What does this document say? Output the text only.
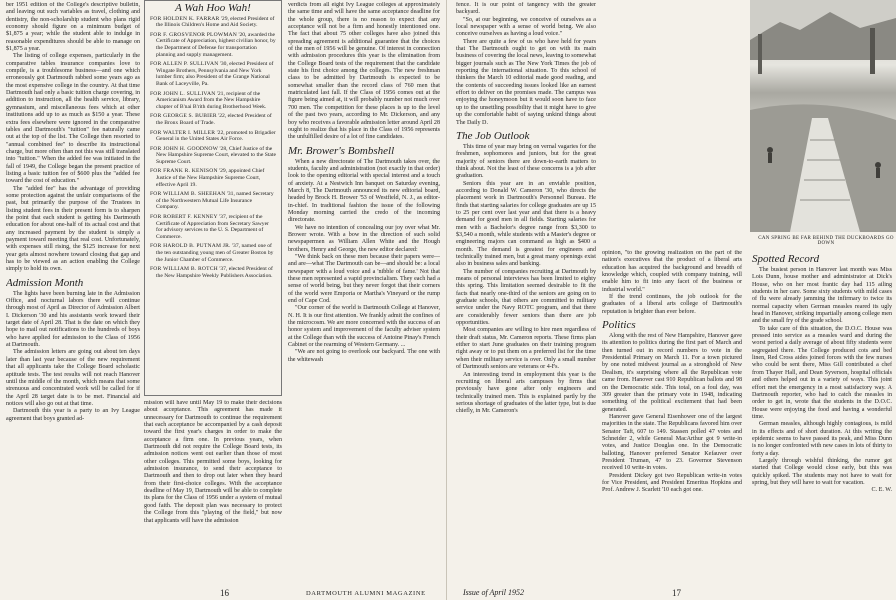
ber 1951 edition of the College's descriptive bulletin, and leaving out such variables as travel, clothing and dentistry, the non-scholarship student who plans rigid economy should figure on a minimum budget of $1,875 a year; while the student able to indulge in reasonable expenditures should be able to manage on $1,875 a year.

The listing of college expenses, particularly in the comparative tables insurance companies love to compile, is a troublesome business—and one which erroneously got Dartmouth rabbed some years ago as the most expensive college in the country. At that time Dartmouth had only a basic tuition charge covering, in addition to instruction, all the health service, library, gymnasium, and miscellaneous fees which at other institutions add up to as much as $150 a year. These extra fees elsewhere were ignored in the comparative tables and Dartmouth's "tuition" fee naturally came out at the top of the list. The College then resorted to "annual combined fee" to describe its instructional charge, but more often than not this was still translated into "tuition." When the added fee was initiated in the fall of 1949, the College began the present practice of listing a basic tuition fee of $600 plus the "added fee toward the cost of education."

The "added fee" has the advantage of providing some protection against the unfair comparisons of the past, but primarily the purpose of the Trustees in listing student fees in their present form is to sharpen the point that each student is getting his Dartmouth education for about one-half of its actual cost and that any increased payment by the student is simply a payment toward meeting that real cost. Unfortunately, with expenses still rising, the $125 increase for next year gets almost nowhere toward closing that gap and has to be viewed as an action enabling the College simply to hold its own.

Admission Month

The lights have been burning late in the Admission Office, and nocturnal labors there will continue through most of April as Director of Admission Albert I. Dickerson '30 and his assistants work toward their target date of April 28. That is the date on which they hope to mail out notifications to the hundreds of boys who have applied for admission to the Class of 1956 at Dartmouth.

The admission letters are going out about ten days later than last year because of the new requirement that all applicants take the College Board scholastic aptitude tests. The test results will not reach Hanover until the middle of the month, which means that some strenuous and concentrated work will be called for if the April 28 target date is to be met. Financial aid notices will also go out at that time.

Dartmouth this year is a party to an Ivy League agreement that boys granted ad-

A Wah Hoo Wah!
FOR HOLDEN K. FARRAR '29, elected President of the Illinois Children's Home and Aid Society.
FOR F. GROSVENOR PLOWMAN '20, awarded the Certificate of Appreciation, highest civilian honor, by the Department of Defense for transportation planning and supply management.
FOR ALLEN P. SULLIVAN '30, elected President of Wingate Brothers, Pennsylvania and New York lumber firm; also President of the Grange National Bank of Laceyville, Pa.
FOR JOHN L. SULLIVAN '21, recipient of the Americanism Award from the New Hampshire chapter of B'nai B'rith during Brotherhood Week.
FOR GEORGE S. BUBIER '22, elected President of the Bronx Board of Trade.
FOR WALTER I. MILLER '22, promoted to Brigadier General in the United States Air Force.
FOR JOHN H. GOODNOW '28, Chief Justice of the New Hampshire Supreme Court, elevated to the State Supreme Court.
FOR FRANK R. KENISON '29, appointed Chief Justice of the New Hampshire Supreme Court, effective April 19.
FOR WILLIAM B. SHEEHAN '31, named Secretary of the Northwestern Mutual Life Insurance Company.
FOR ROBERT F. KENNEY '37, recipient of the Certificate of Appreciation from Secretary Sawyer for advisory services to the U. S. Department of Commerce.
FOR HAROLD B. PUTNAM JR. '37, named one of the ten outstanding young men of Greater Boston by the Junior Chamber of Commerce.
FOR WILLIAM B. ROTCH '37, elected President of the New Hampshire Weekly Publishers Association.

mission will have until May 19 to make their decisions about acceptance. This agreement has made it unnecessary for Dartmouth to continue the requirement that each acceptance be accompanied by a cash deposit toward the first year's charges in order to make the acceptance a firm one. In previous years, when Dartmouth did not require the College Board tests, its admission notices went out earlier than those of most other colleges. This permitted some boys, looking for admission insurance, to send their acceptance to Dartmouth and then to drop out later when they heard from their first-choice colleges. With the acceptance deadline of May 19, Dartmouth will be able to complete its plans for the Class of 1956 under a system of mutual good faith. The deposit plan was necessary to protect the College from this "playing of the field," but now that applicants will have the admission

verdicts from all eight Ivy League colleges at approximately the same time and will have the same acceptance deadline for the whole group, there is no reason to expect that any acceptance will not be a firm and honestly intentioned one. The fact that about 75 other colleges have also joined this spreading agreement is additional guarantee that the choices of the men of 1956 will be genuine. Of interest in connection with admission procedures this year is the elimination from the College Board tests of the requirement that the candidate state his first choice among the colleges. The new freshman class to be admitted by Dartmouth is expected to be somewhat smaller than the record class of 760 men that matriculated last fall. If the Class of 1956 comes out at the figure being aimed at, it will probably number not much over 700 men. The competition for these places is up to the level of the past two years, according to Mr. Dickerson, and any boy who receives a favorable admission letter around April 28 ought to realize that his place in the Class of 1956 represents the unfulfilled desire of a lot of fine candidates.

Mr. Brower's Bombshell

When a new directorate of The Dartmouth takes over, the students, faculty and administration (not exactly in that order) look to the opening editorial with special interest and a touch of anxiety. At a Nestwich Inn banquet on Saturday evening, March 8, The Dartmouth announced its new editorial board, headed by Brock H. Brower '53 of Westfield, N. J., as editor-in-chief. In traditional fashion the issue of the following Monday morning carried the credo of the incoming directorate.

We have no intention of concealing our joy over what Mr. Brower wrote. With a bow in the direction of such solid newspapermen as William Allen White and the Hough brothers, Henry and George, the new editor declared:

"We think back on these men because their papers were—and are—what The Dartmouth can be—and should be: a local newspaper with a loud voice and a 'nibble of fame.' Not that these men represented a vapid provincialism. They each had a sense of world being, but they never forgot that their corners of the world were Emporia or Martha's Vineyard or the rump end of Cape Cod.

"Our corner of the world is Dartmouth College at Hanover, N. H. It is our first attention. We frankly admit the confines of the microcosm. We are more concerned with the success of an honor system and improvement of the faculty adviser system at the College than with the success of Antoine Pinay's French Cabinet or the rearming of Western Germany. ...

"We are not going to overlook our backyard. The one with the whitewash

16	DARTMOUTH ALUMNI MAGAZINE

fence. It is our point of tangency with the greater backyard.

"So, at our beginning, we conceive of ourselves as a local newspaper with a sense of world being. We also conceive ourselves as having a loud voice."

There are quite a few of us who have held for years that The Dartmouth ought to get on with its main business of covering the local news, leaving to somewhat bigger journals such as The New York Times the job of reporting the international situation. To this school of thinkers the March 10 editorial made good reading, and the contents of succeeding issues looked like an earnest effort to deliver on the promises made. The campus was enjoying the honeymoon but it would soon have to face up to the unsettling possibility that it might have to give up the comfortable habit of saying unkind things about The Daily D.

The Job Outlook

This time of year may bring on vernal vagaries for the freshmen, sophomores and juniors, but for the great majority of seniors there are down-to-earth matters to think about. Not the least of these concerns is a job after graduation.

Seniors this year are in an enviable position, according to Donald W. Cameron '30, who directs the placement work in Dartmouth's Personnel Bureau. He finds that starting salaries for college graduates are up 15 to 25 per cent over last year and that there is a heavy demand for good men in all fields. Starting salaries for men with a Bachelor's degree range from $3,300 to $3,540 a month, while students with a Master's degree or engineering majors can command as high as $400 a month. The demand is greatest for engineers and technically trained men, but a great many openings exist also in business sales and banking.

The number of companies recruiting at Dartmouth by means of personal interviews has been limited to eighty this spring. This limitation seemed desirable to fit the facts that nearly one-third of the seniors are going on to graduate schools, that others are committed to military service under the Navy ROTC program, and that there are considerably fewer seniors than there are job opportunities.

Most companies are willing to hire men regardless of their draft status, Mr. Cameron reports. These firms plan either to start June graduates on their training program right away or to put them on a preferred list for the time when their military service is over. Only a small number of Dartmouth seniors are veterans or 4-Fs.

An interesting trend in employment this year is the recruiting on liberal arts campuses by firms that previously have gone after only engineers and technically trained men. This is explained partly by the serious shortage of graduates of the latter type, but is due chiefly, in Mr. Cameron's

opinion, "to the growing realization on the part of the nation's executives that the product of a liberal arts education has acquired the background and breadth of knowledge which, coupled with company training, will enable him to fit into any facet of the business or industrial world."

If the trend continues, the job outlook for the graduates of a liberal arts college of Dartmouth's reputation is brighter than ever before.

Politics

Along with the rest of New Hampshire, Hanover gave its attention to politics during the first part of March and then turned out in record numbers to vote in the Presidential Primary on March 11. For a town pictured by one noted midwest journal as a stronghold of New Dealism, it's surprising where all the Republican vote came from. Hanover cast 910 Republican ballots and 98 on the Democratic side. This total, on a foul day, was 309 greater than the primary vote in 1948, indicating something of the political excitement that had been generated.

Hanover gave General Eisenhower one of the largest majorities in the state. The Republicans favored him over Senator Taft, 607 to 149. Stassen polled 47 votes and Schneider 2, while General MacArthur got 9 write-in votes, and Justice Douglas one. In the Democratic balloting, Hanover preferred Senator Kefauver over President Truman, 47 to 23. Governor Stevenson received 10 write-in votes.

President Dickey got two Republican write-in votes for Vice President, and President Emeritus Hopkins and Prof. Andrew J. Scarlett '10 each got one.

CAN SPRING BE FAR BEHIND THE DUCKBOARDS GO DOWN
Spotted Record

The busiest person in Hanover last month was Miss Lois Dunn, house mother and administrator at Dick's House, who on her most frantic day had 115 ailing students in her care. Some sixty students with mild cases of flu were already jamming the infirmary to twice its normal capacity when German measles reared its ugly head in Hanover, striking impartially among college men and the small fry of the grade school.

To take care of this situation, the D.O.C. House was pressed into service as a measles ward and during the worst period a daily average of about fifty students were segregated there. The College produced cots and bed linen, Red Cross aides joined forces with the few nurses who could be sent there, Miss Gill contributed a chef from Thayer Hall, and Dean Syverson, hospital officials and others helped out in a variety of ways. This joint effort met the emergency in a most satisfactory way. A Dartmouth reporter, who had to catch the measles in order to get in, wrote that the students in the D.O.C. House were enjoying the food and having a wonderful time.

German measles, although highly contagious, is mild in its effects and of short duration. At this writing the epidemic seems to have passed its peak, and Miss Dunn is no longer confronted with new cases in lots of thirty to forty a day.

Largely through wishful thinking, the rumor got started that College would close early, but this was quickly spiked. The students may not have to wait for spring, but they will have to wait for vacation.

C. E. W.
Issue of April 1952	17
